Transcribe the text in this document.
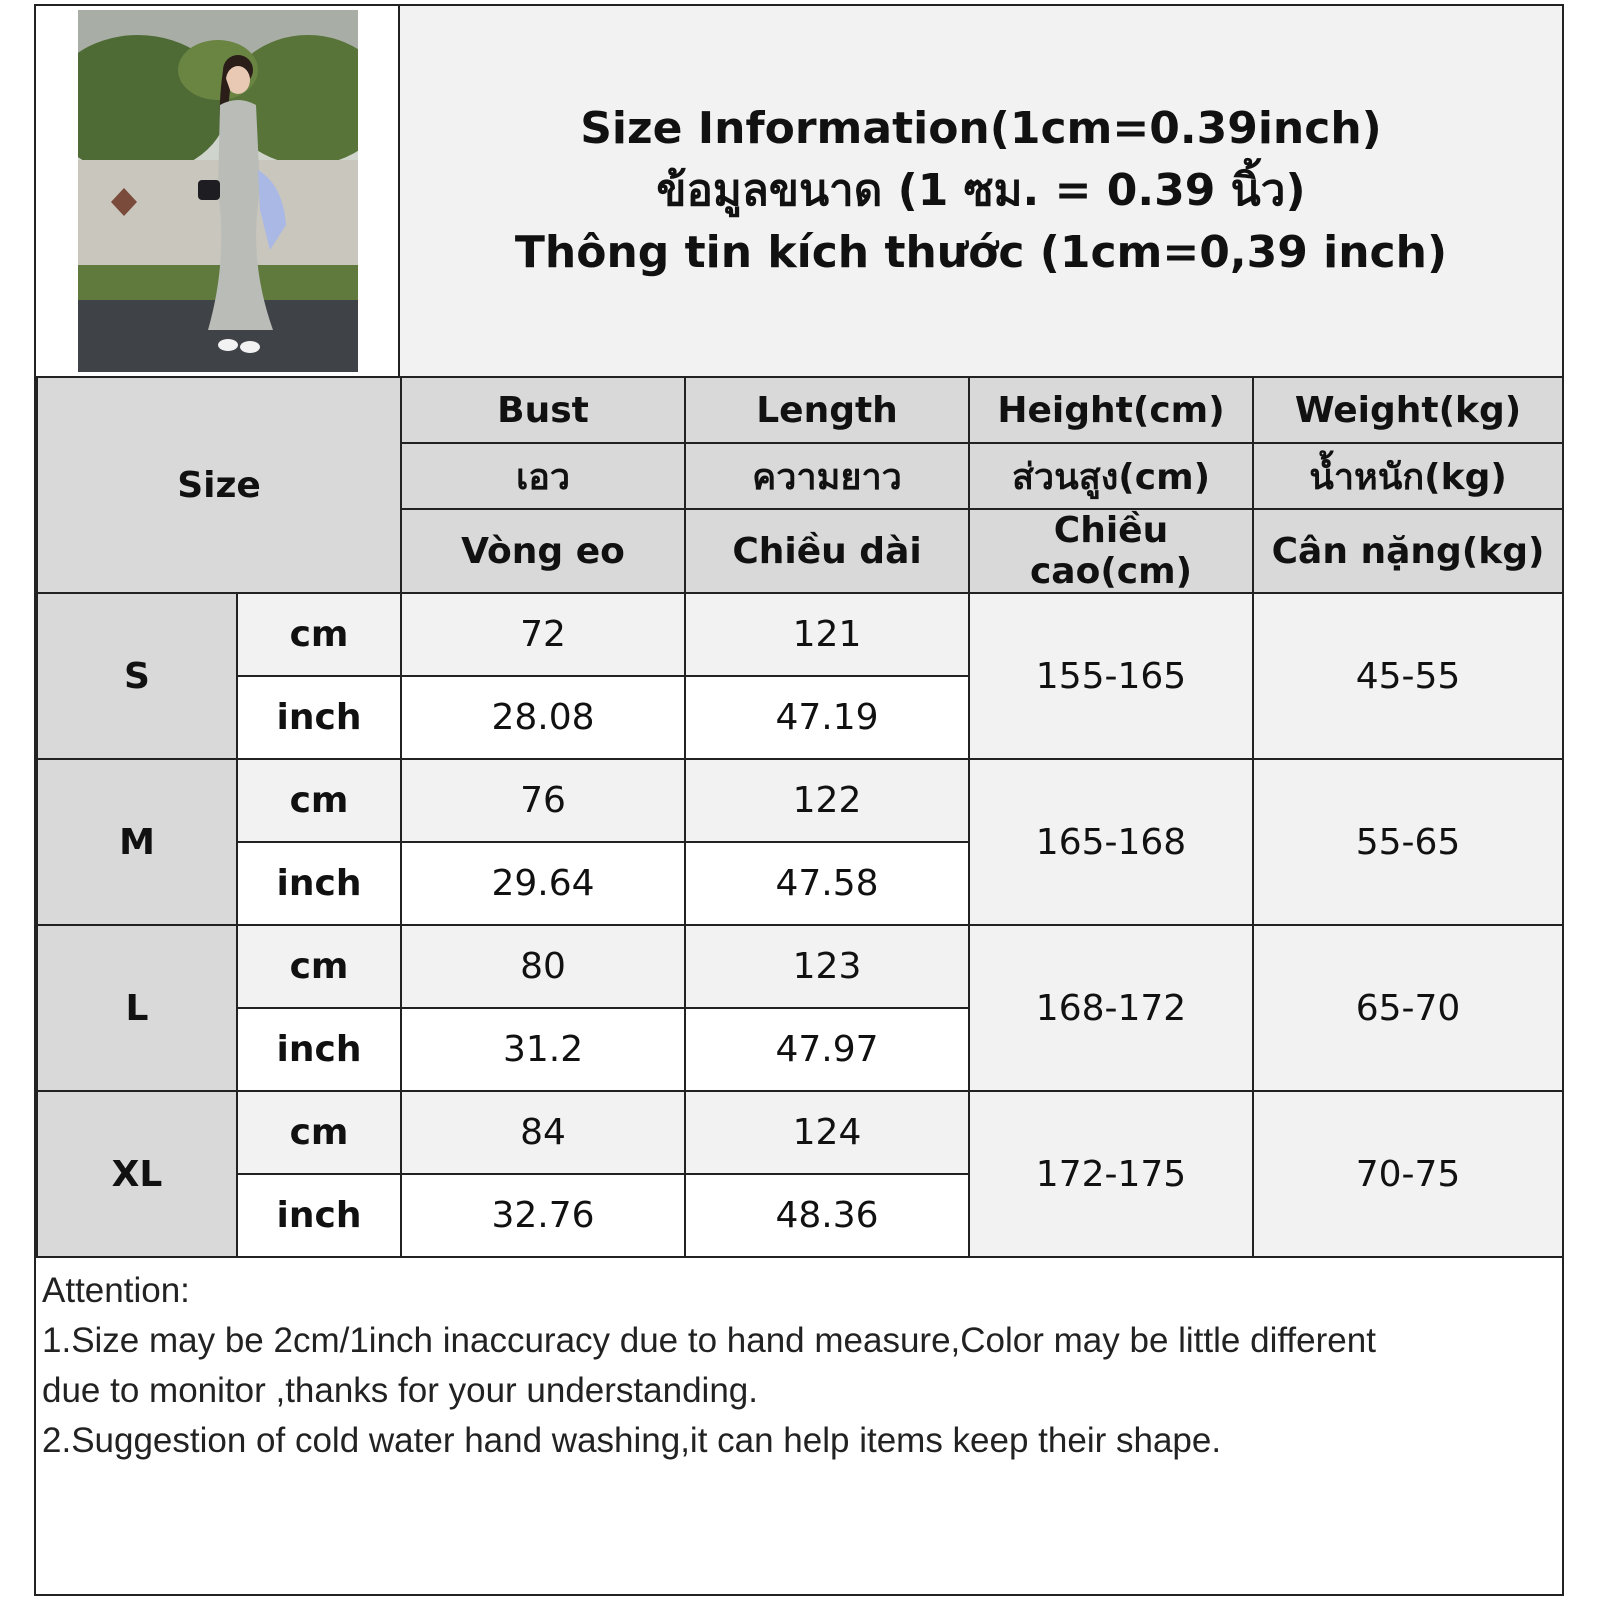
Size Information(1cm=0.39inch)
ข้อมูลขนาด (1 ซม. = 0.39 นิ้ว)
Thông tin kích thước (1cm=0,39 inch)
Size		Bust	Length	Height(cm)	Weight(kg)
		เอว	ความยาว	ส่วนสูง(cm)	น้ำหนัก(kg)
		Vòng eo	Chiều dài	Chiều cao(cm)	Cân nặng(kg)
S	cm	72	121	155-165	45-55
	inch	28.08	47.19		
M	cm	76	122	165-168	55-65
	inch	29.64	47.58		
L	cm	80	123	168-172	65-70
	inch	31.2	47.97		
XL	cm	84	124	172-175	70-75
	inch	32.76	48.36		
Attention:
1.Size may be 2cm/1inch inaccuracy due to hand measure,Color may be little different
due to monitor ,thanks for your understanding.
2.Suggestion of cold water hand washing,it can help items keep their shape.
